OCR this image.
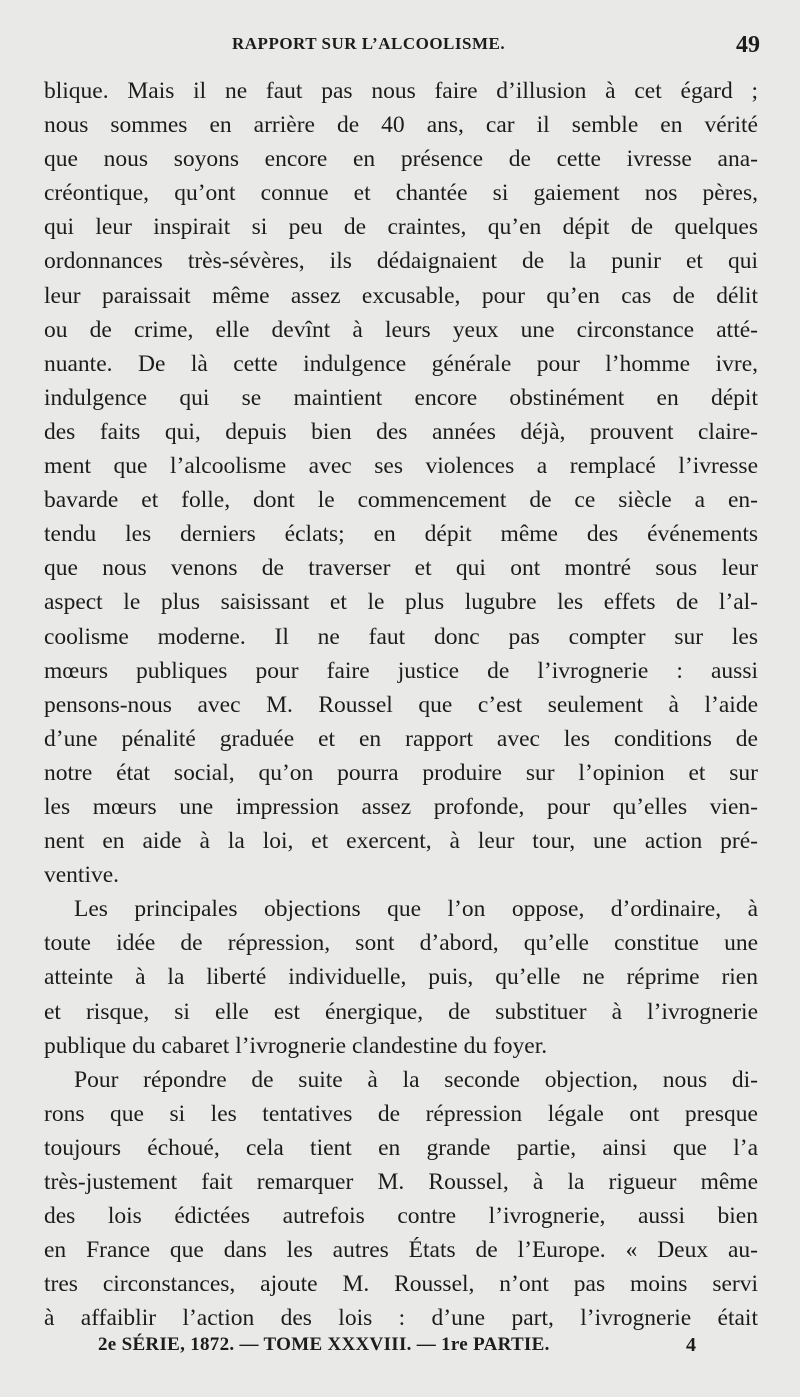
RAPPORT SUR L’ALCOOLISME.	49
blique. Mais il ne faut pas nous faire d’illusion à cet égard ;
nous sommes en arrière de 40 ans, car il semble en vérité
que nous soyons encore en présence de cette ivresse ana-
créontique, qu’ont connue et chantée si gaiement nos pères,
qui leur inspirait si peu de craintes, qu’en dépit de quelques
ordonnances très-sévères, ils dédaignaient de la punir et qui
leur paraissait même assez excusable, pour qu’en cas de délit
ou de crime, elle devînt à leurs yeux une circonstance atté-
nuante. De là cette indulgence générale pour l’homme ivre,
indulgence qui se maintient encore obstinément en dépit
des faits qui, depuis bien des années déjà, prouvent claire-
ment que l’alcoolisme avec ses violences a remplacé l’ivresse
bavarde et folle, dont le commencement de ce siècle a en-
tendu les derniers éclats; en dépit même des événements
que nous venons de traverser et qui ont montré sous leur
aspect le plus saisissant et le plus lugubre les effets de l’al-
coolisme moderne. Il ne faut donc pas compter sur les
mœurs publiques pour faire justice de l’ivrognerie : aussi
pensons-nous avec M. Roussel que c’est seulement à l’aide
d’une pénalité graduée et en rapport avec les conditions de
notre état social, qu’on pourra produire sur l’opinion et sur
les mœurs une impression assez profonde, pour qu’elles vien-
nent en aide à la loi, et exercent, à leur tour, une action pré-
ventive.
Les principales objections que l’on oppose, d’ordinaire, à
toute idée de répression, sont d’abord, qu’elle constitue une
atteinte à la liberté individuelle, puis, qu’elle ne réprime rien
et risque, si elle est énergique, de substituer à l’ivrognerie
publique du cabaret l’ivrognerie clandestine du foyer.
Pour répondre de suite à la seconde objection, nous di-
rons que si les tentatives de répression légale ont presque
toujours échoué, cela tient en grande partie, ainsi que l’a
très-justement fait remarquer M. Roussel, à la rigueur même
des lois édictées autrefois contre l’ivrognerie, aussi bien
en France que dans les autres États de l’Europe. « Deux au-
tres circonstances, ajoute M. Roussel, n’ont pas moins servi
à affaiblir l’action des lois : d’une part, l’ivrognerie était
2e SÉRIE, 1872. — TOME XXXVIII. — 1re PARTIE.	4
